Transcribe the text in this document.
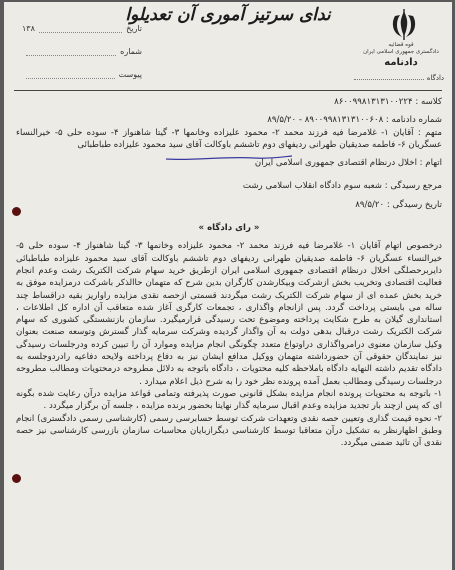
قوه قضائیه
دادگستری جمهوری اسلامی ایران
دادنامه
دادگاه
ندای سرتیز آموری آن تعدیلوا
تاریخ
۱۳۸
شماره
پیوست

کلاسه : ۸۶۰۰۹۹۸۱۳۱۳۱۰۰۲۲۴

شماره دادنامه : ۸۹۰۰۹۹۸۱۳۱۳۱۰۰۶۰۸ - ۸۹/۵/۲۰

متهم : آقایان ۱- غلامرضا فیه فرزند محمد ۲- محمود علیزاده وخانمها ۳- گیتا شاهنواز ۴- سوده حلی ۵- خیرالنساء عسگریان ۶- فاطمه صدیقیان طهرانی ردیفهای دوم تاششم باوکالت آقای سید محمود علیزاده طباطبائی

اتهام : اخلال درنظام اقتصادی جمهوری اسلامی ایران

مرجع رسیدگی : شعبه سوم دادگاه انقلاب اسلامی رشت

تاریخ رسیدگی : ۸۹/۵/۲۰

« رای دادگاه »

درخصوص اتهام آقایان ۱- غلامرضا فیه فرزند محمد ۲- محمود علیزاده وخانمها ۳- گیتا شاهنواز ۴- سوده حلی ۵- خیرالنساء عسگریان ۶- فاطمه صدیقیان طهرانی ردیفهای دوم تاششم باوکالت آقای سید محمود علیزاده طباطبائی دایربرحصلگی اخلال درنظام اقتصادی جمهوری اسلامی ایران ازطریق خرید سهام شرکت الکتریک رشت وعدم انجام فعالیت اقتصادی وتخریب بخش ازشرکت وبیکارشدن کارگران بدین شرح که متهمان حاالذکر باشرکت درمزایده موفق به خرید بخش عمده ای از سهام شرکت الکتریک رشت میگردند قسمتی ازحصه نقدی مزایده راواریز بقیه دراقساط چند ساله می بایستی پرداخت گردد. پس ازانجام واگذاری ، تجمعات کارگری آغاز شده متعاقب آن اداره کل اطلاعات ، استانداری گیلان به طرح شکایت پرداخته وموضوع تحت رسیدگی قرارمیگیرد. سازمان بازنشستگی کشوری که سهام شرکت الکتریک رشت درقبال بدهی دولت به آن واگذار گردیده وشرکت سرمایه گذار گسترش وتوسعه صنعت بعنوان وکیل سازمان معنوی درامرواگذاری دراوتواع متعدد چگونگی انجام مزایده وموارد آن را تبیین کرده ودرجلسات رسیدگی نیز نمایندگان حقوقی آن حضورداشته متهمان ووکیل مدافع ایشان نیز به دفاع پرداخته ولایحه دفاعیه رادردوجلسه به دادگاه تقدیم داشته النهایه دادگاه باملاحظه کلیه محتویات ، دادگاه باتوجه به دلائل مطروحه درمحتویات ومطالب مطروحه درجلسات رسیدگی ومطالب بعمل آمده پرونده نظر خود را به شرح ذیل اعلام میدارد .

۱- باتوجه به محتویات پرونده انجام مزایده بشکل قانونی صورت پذیرفته وتمامی قواعد مزایده درآن رعایت شده بگونه ای که پس ازچند بار تجدید مزایده وعدم اقبال سرمایه گذار نهایتا بحضور برنده مزایده ، جلسه آن برگزار میگردد .

۲- نحوه قیمت گذاری وتعیین حصه نقدی وتعهدات شرکت توسط حسابرسی رسمی (کارشناسی رسمی دادگستری) انجام وطبق اظهارنظر به تشکیل درآن متعاقبا توسط کارشناسی دیگرازبایان محاسبات سازمان بازرسی کارشناسی نیز حصه نقدی آن تائید ضمنی میگردد.
